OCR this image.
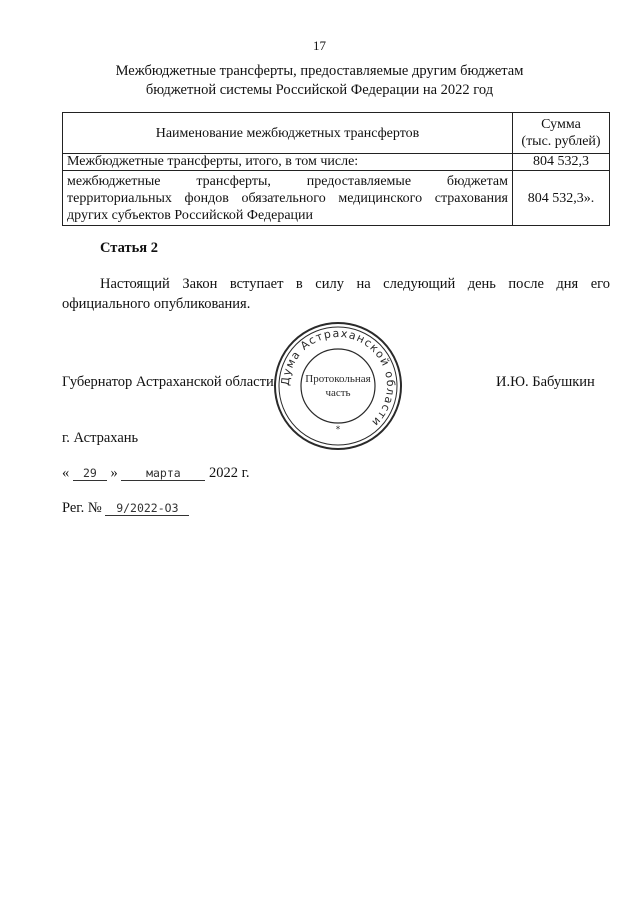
17
Межбюджетные трансферты, предоставляемые другим бюджетам
бюджетной системы Российской Федерации на 2022 год
Наименование межбюджетных трансфертов	Сумма
(тыс. рублей)

Межбюджетные трансферты, итого, в том числе:	804 532,3
межбюджетные трансферты, предоставляемые бюджетам территориальных фондов обязательного медицинского страхования других субъектов Российской Федерации	804 532,3».
Статья 2
Настоящий Закон вступает в силу на следующий день после дня его официального опубликования.
Губернатор Астраханской области Дума Астраханской области
Протокольная
часть
*
И.Ю. Бабушкин
г. Астрахань
« 29 » марта 2022 г.
Рег. № 9/2022-ОЗ
